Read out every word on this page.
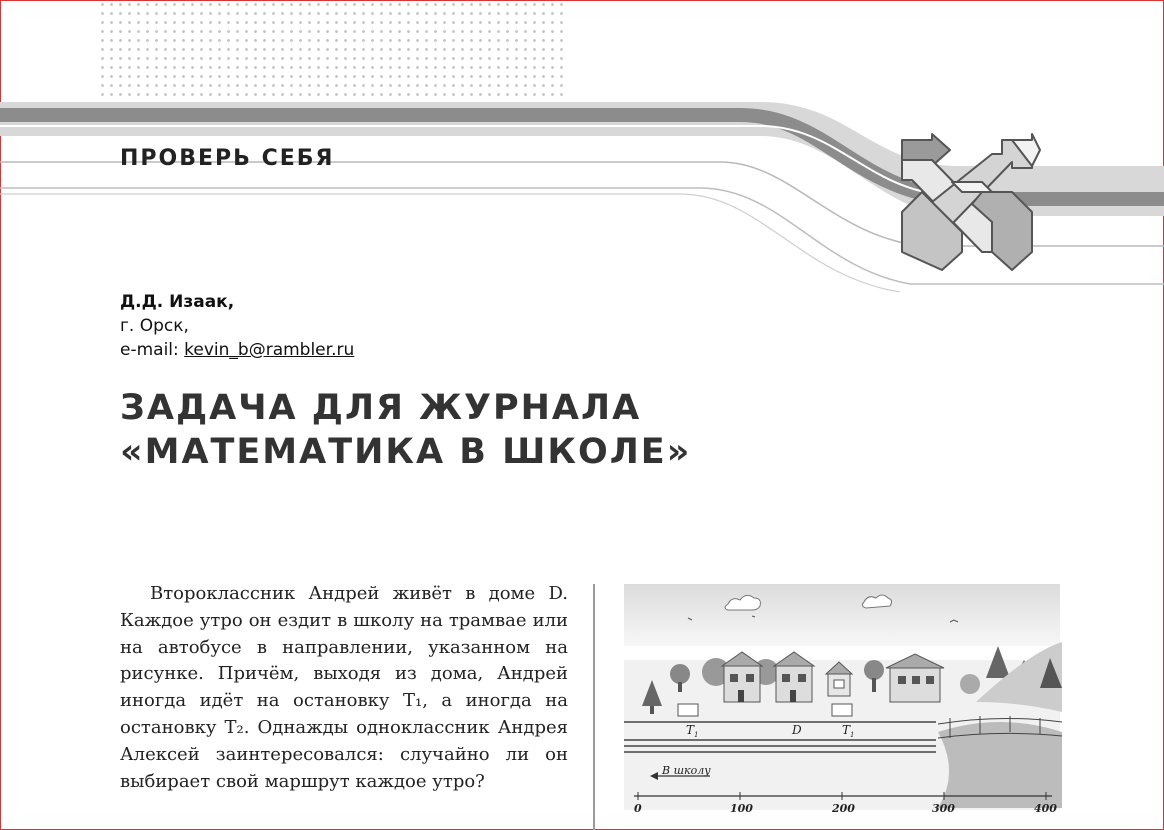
ПРОВЕРЬ СЕБЯ

Д.Д. Изаак,

г. Орск,

e-mail: kevin_b@rambler.ru

ЗАДАЧА ДЛЯ ЖУРНАЛА
«МАТЕМАТИКА В ШКОЛЕ»

Второклассник Андрей живёт в доме D. Каждое утро он ездит в школу на трамвае или на автобусе в направлении, указанном на рисунке. Причём, выходя из дома, Андрей иногда идёт на остановку T₁, а иногда на остановку T₂. Однажды одноклассник Андрея Алексей заинтересовался: случайно ли он выбирает свой маршрут каждое утро?

T 1	D	T 1
В школу
0	100	200	300	400
